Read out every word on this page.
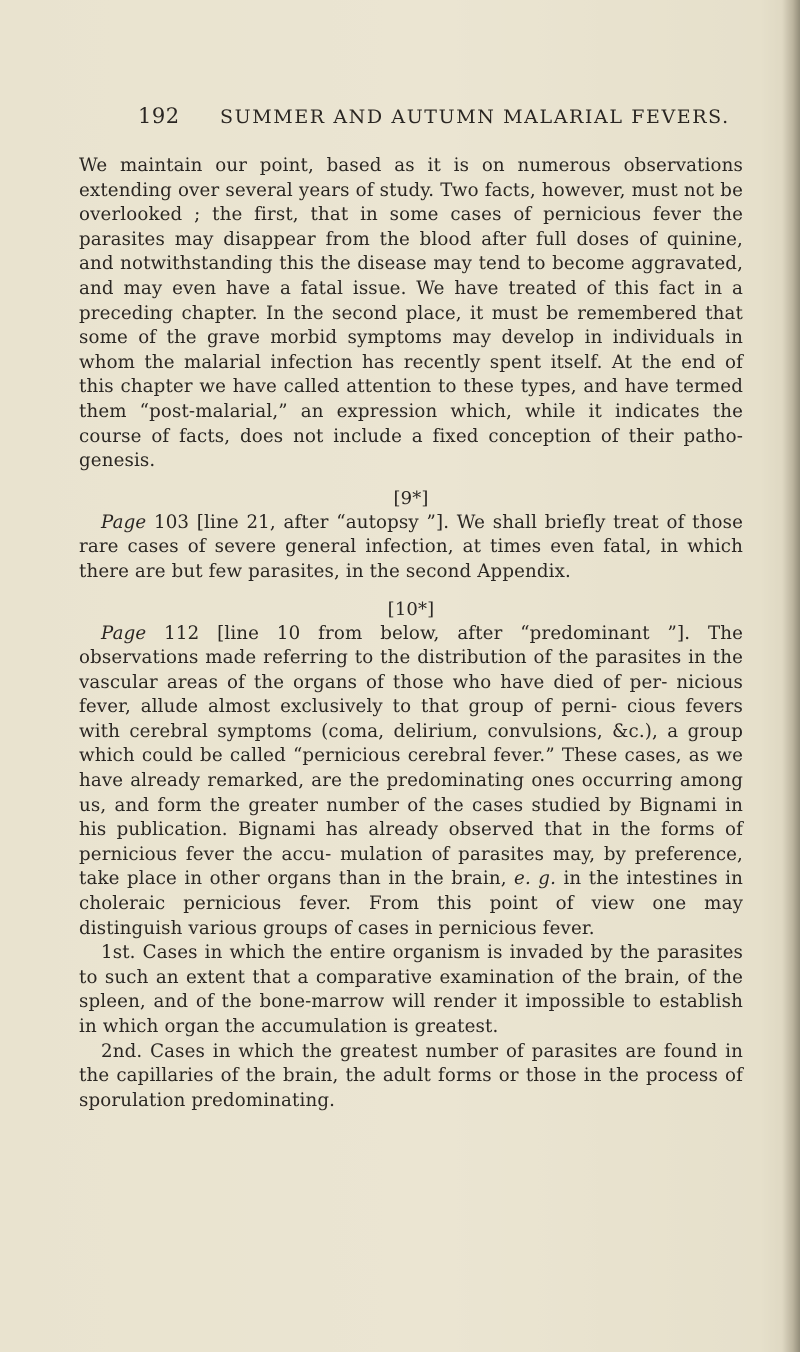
192 SUMMER AND AUTUMN MALARIAL FEVERS.

We maintain our point, based as it is on numerous observations extending over several years of study. Two facts, however, must not be overlooked ; the first, that in some cases of pernicious fever the parasites may disappear from the blood after full doses of quinine, and notwithstanding this the disease may tend to become aggravated, and may even have a fatal issue. We have treated of this fact in a preceding chapter. In the second place, it must be remembered that some of the grave morbid symptoms may develop in individuals in whom the malarial infection has recently spent itself. At the end of this chapter we have called attention to these types, and have termed them “post-malarial,” an expression which, while it indicates the course of facts, does not include a fixed conception of their patho- genesis.

[9*]

Page 103 [line 21, after “autopsy ”]. We shall briefly treat of those rare cases of severe general infection, at times even fatal, in which there are but few parasites, in the second Appendix.

[10*]

Page 112 [line 10 from below, after “predominant ”]. The observations made referring to the distribution of the parasites in the vascular areas of the organs of those who have died of per- nicious fever, allude almost exclusively to that group of perni- cious fevers with cerebral symptoms (coma, delirium, convulsions, &c.), a group which could be called “pernicious cerebral fever.” These cases, as we have already remarked, are the predominating ones occurring among us, and form the greater number of the cases studied by Bignami in his publication. Bignami has already observed that in the forms of pernicious fever the accu- mulation of parasites may, by preference, take place in other organs than in the brain, e. g. in the intestines in choleraic pernicious fever. From this point of view one may distinguish various groups of cases in pernicious fever.

1st. Cases in which the entire organism is invaded by the parasites to such an extent that a comparative examination of the brain, of the spleen, and of the bone-marrow will render it impossible to establish in which organ the accumulation is greatest.

2nd. Cases in which the greatest number of parasites are found in the capillaries of the brain, the adult forms or those in the process of sporulation predominating.
